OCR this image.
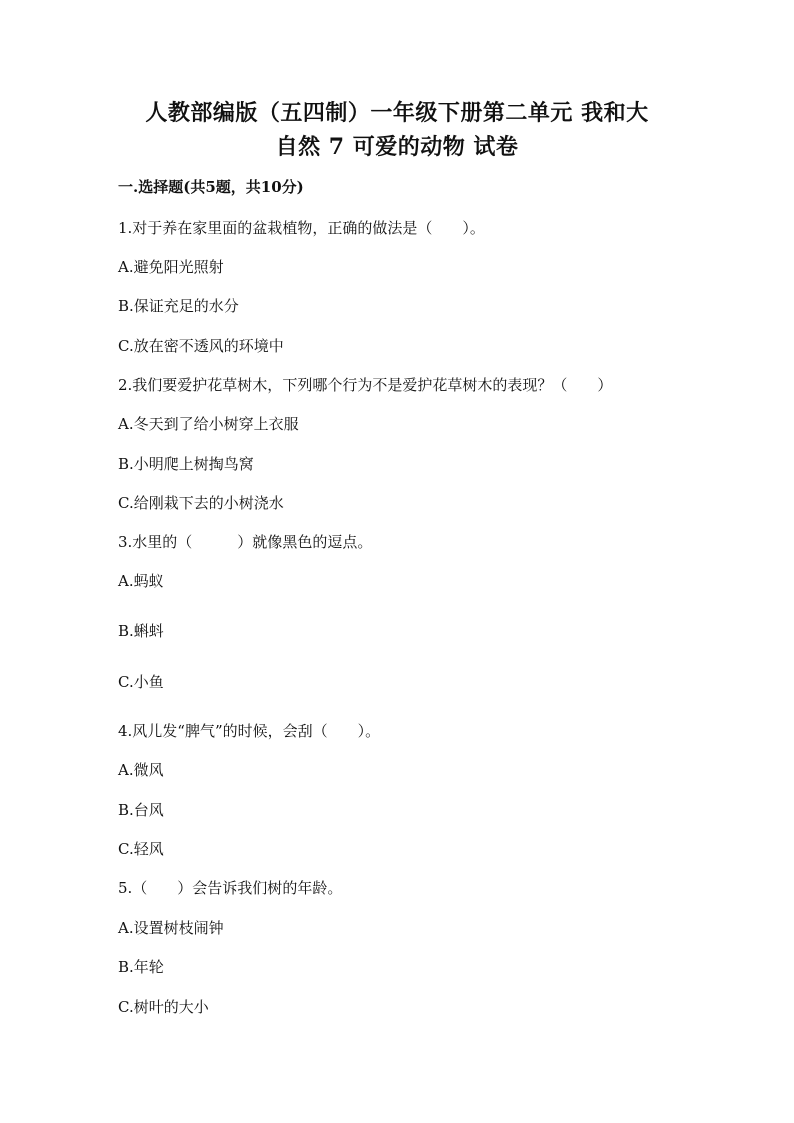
人教部编版（五四制）一年级下册第二单元 我和大
自然 7 可爱的动物 试卷
一.选择题(共5题，共10分)
1.对于养在家里面的盆栽植物，正确的做法是（　　）。
A.避免阳光照射
B.保证充足的水分
C.放在密不透风的环境中
2.我们要爱护花草树木，下列哪个行为不是爱护花草树木的表现？（　　）
A.冬天到了给小树穿上衣服
B.小明爬上树掏鸟窝
C.给刚栽下去的小树浇水
3.水里的（　　　）就像黑色的逗点。
A.蚂蚁
B.蝌蚪
C.小鱼
4.风儿发“脾气”的时候，会刮（　　）。
A.微风
B.台风
C.轻风
5.（　　）会告诉我们树的年龄。
A.设置树枝闹钟
B.年轮
C.树叶的大小
